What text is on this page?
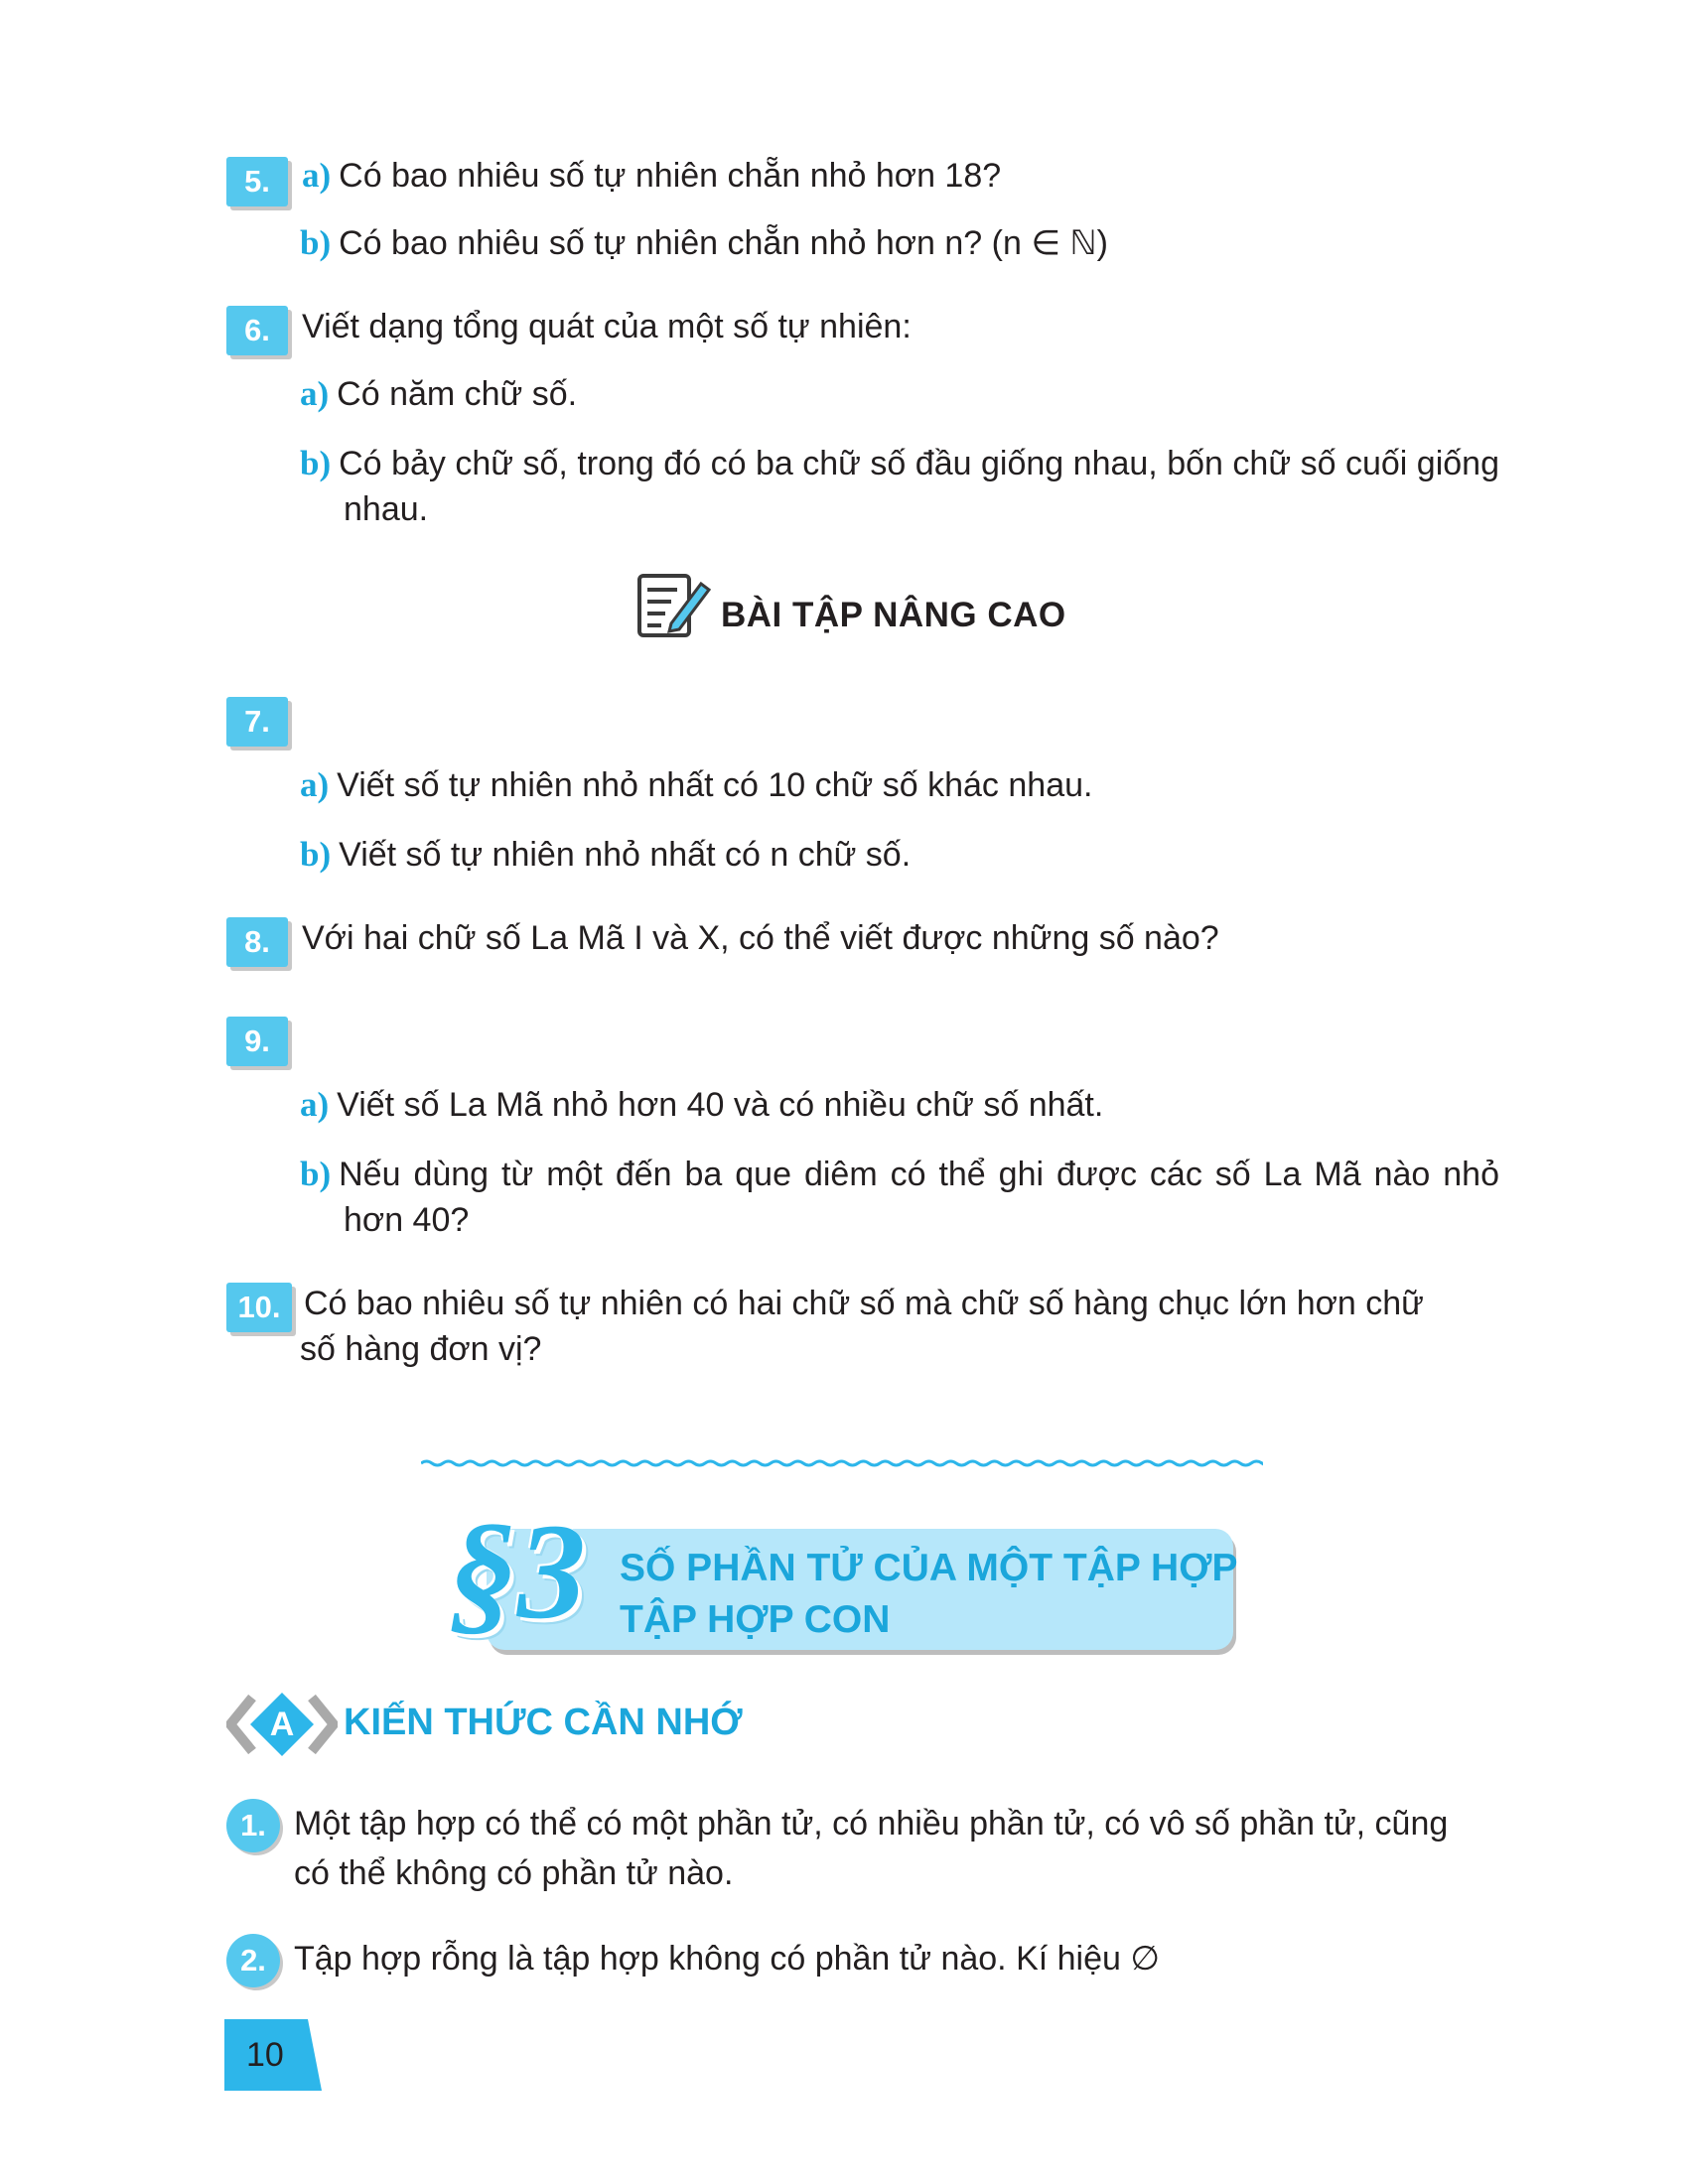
5. a) Có bao nhiêu số tự nhiên chẵn nhỏ hơn 18?
b) Có bao nhiêu số tự nhiên chẵn nhỏ hơn n? (n ∈ ℕ)
6. Viết dạng tổng quát của một số tự nhiên:
a) Có năm chữ số.
b) Có bảy chữ số, trong đó có ba chữ số đầu giống nhau, bốn chữ số cuối giống nhau.
BÀI TẬP NÂNG CAO
7.
a) Viết số tự nhiên nhỏ nhất có 10 chữ số khác nhau.
b) Viết số tự nhiên nhỏ nhất có n chữ số.
8. Với hai chữ số La Mã I và X, có thể viết được những số nào?
9.
a) Viết số La Mã nhỏ hơn 40 và có nhiều chữ số nhất.
b) Nếu dùng từ một đến ba que diêm có thể ghi được các số La Mã nào nhỏ hơn 40?
10. Có bao nhiêu số tự nhiên có hai chữ số mà chữ số hàng chục lớn hơn chữ số hàng đơn vị?
§3 SỐ PHẦN TỬ CỦA MỘT TẬP HỢP
TẬP HỢP CON
A KIẾN THỨC CẦN NHỚ
1. Một tập hợp có thể có một phần tử, có nhiều phần tử, có vô số phần tử, cũng có thể không có phần tử nào.
2. Tập hợp rỗng là tập hợp không có phần tử nào. Kí hiệu ∅
10
